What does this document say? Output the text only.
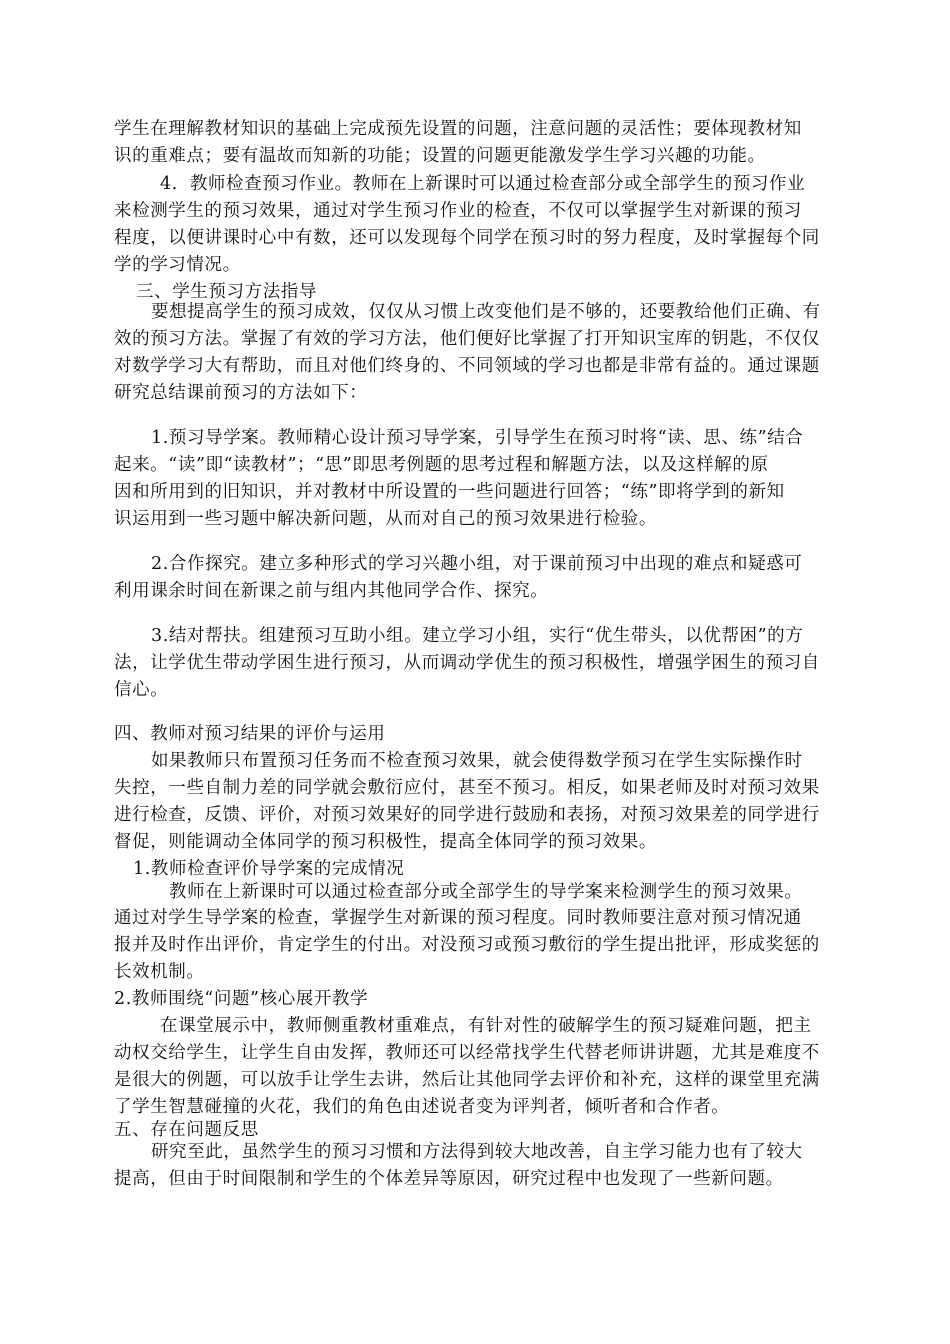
学生在理解教材知识的基础上完成预先设置的问题，注意问题的灵活性；要体现教材知
识的重难点；要有温故而知新的功能；设置的问题更能激发学生学习兴趣的功能。
4．教师检查预习作业。教师在上新课时可以通过检查部分或全部学生的预习作业
来检测学生的预习效果，通过对学生预习作业的检查，不仅可以掌握学生对新课的预习
程度，以便讲课时心中有数，还可以发现每个同学在预习时的努力程度，及时掌握每个同
学的学习情况。
三、学生预习方法指导
要想提高学生的预习成效，仅仅从习惯上改变他们是不够的，还要教给他们正确、有
效的预习方法。掌握了有效的学习方法，他们便好比掌握了打开知识宝库的钥匙，不仅仅
对数学学习大有帮助，而且对他们终身的、不同领域的学习也都是非常有益的。通过课题
研究总结课前预习的方法如下：
1.预习导学案。教师精心设计预习导学案，引导学生在预习时将“读、思、练”结合
起来。“读”即“读教材”；“思”即思考例题的思考过程和解题方法，以及这样解的原
因和所用到的旧知识，并对教材中所设置的一些问题进行回答；“练”即将学到的新知
识运用到一些习题中解决新问题，从而对自己的预习效果进行检验。
2.合作探究。建立多种形式的学习兴趣小组，对于课前预习中出现的难点和疑惑可
利用课余时间在新课之前与组内其他同学合作、探究。
3.结对帮扶。组建预习互助小组。建立学习小组，实行“优生带头，以优帮困”的方
法，让学优生带动学困生进行预习，从而调动学优生的预习积极性，增强学困生的预习自
信心。
四、教师对预习结果的评价与运用
如果教师只布置预习任务而不检查预习效果，就会使得数学预习在学生实际操作时
失控，一些自制力差的同学就会敷衍应付，甚至不预习。相反，如果老师及时对预习效果
进行检查，反馈、评价，对预习效果好的同学进行鼓励和表扬，对预习效果差的同学进行
督促，则能调动全体同学的预习积极性，提高全体同学的预习效果。
1.教师检查评价导学案的完成情况
教师在上新课时可以通过检查部分或全部学生的导学案来检测学生的预习效果。
通过对学生导学案的检查，掌握学生对新课的预习程度。同时教师要注意对预习情况通
报并及时作出评价，肯定学生的付出。对没预习或预习敷衍的学生提出批评，形成奖惩的
长效机制。
2.教师围绕“问题”核心展开教学
在课堂展示中，教师侧重教材重难点，有针对性的破解学生的预习疑难问题，把主
动权交给学生，让学生自由发挥，教师还可以经常找学生代替老师讲讲题，尤其是难度不
是很大的例题，可以放手让学生去讲，然后让其他同学去评价和补充，这样的课堂里充满
了学生智慧碰撞的火花，我们的角色由述说者变为评判者，倾听者和合作者。
五、存在问题反思
研究至此，虽然学生的预习习惯和方法得到较大地改善，自主学习能力也有了较大
提高，但由于时间限制和学生的个体差异等原因，研究过程中也发现了一些新问题。
